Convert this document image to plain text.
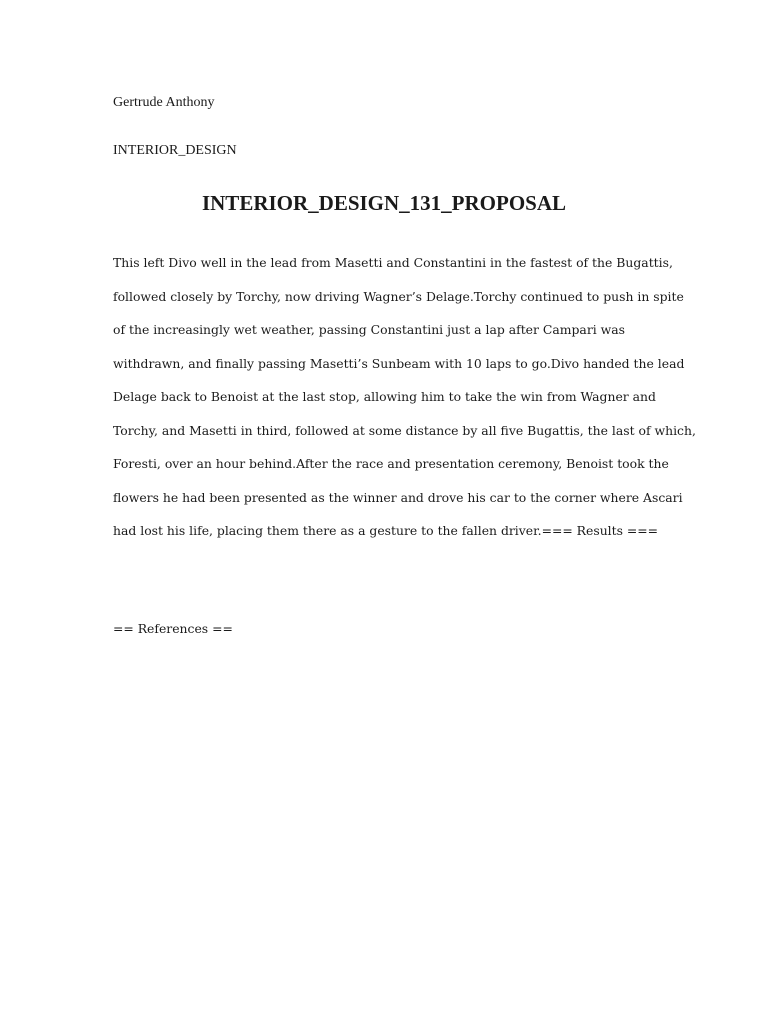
Gertrude Anthony
INTERIOR_DESIGN
INTERIOR_DESIGN_131_PROPOSAL

This left Divo well in the lead from Masetti and Constantini in the fastest of the Bugattis,
followed closely by Torchy, now driving Wagner’s Delage.Torchy continued to push in spite
of the increasingly wet weather, passing Constantini just a lap after Campari was
withdrawn, and finally passing Masetti’s Sunbeam with 10 laps to go.Divo handed the lead
Delage back to Benoist at the last stop, allowing him to take the win from Wagner and
Torchy, and Masetti in third, followed at some distance by all five Bugattis, the last of which,
Foresti, over an hour behind.After the race and presentation ceremony, Benoist took the
flowers he had been presented as the winner and drove his car to the corner where Ascari
had lost his life, placing them there as a gesture to the fallen driver.=== Results ===

== References ==
